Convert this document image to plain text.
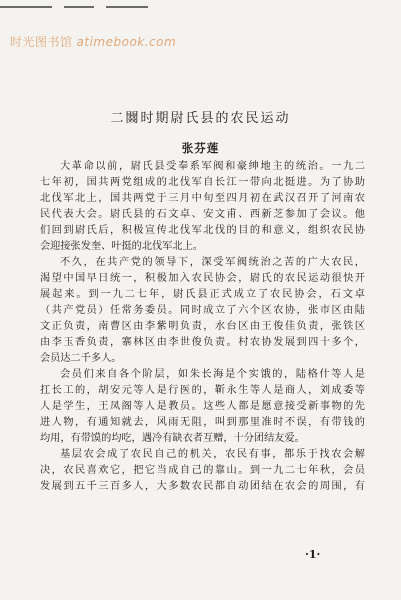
时光图书馆 atimebook.com
二䦤时期尉氏县的农民运动
张芬莲
大革命以前，尉氏县受奉系军阀和豪绅地主的统治。一九二
七年初，国共两党组成的北伐军自长江一带向北挺进。为了协助
北伐军北上，国共两党于三月中旬至四月初在武汉召开了河南农
民代表大会。尉氏县的石文卓、安文甫、西新芝参加了会议。他
们回到尉氏后，积极宣传北伐军北伐的目的和意义，组织农民协
会迎接张发奎、叶挺的北伐军北上。
不久，在共产党的领导下，深受军阀统治之苦的广大农民，
渴望中国早日统一，积极加入农民协会，尉氏的农民运动很快开
展起来。到一九二七年，尉氏县正式成立了农民协会，石文卓
（共产党员）任常务委员。同时成立了六个区农协，张市区由陆
文正负责，南曹区由李紫明负责，水台区由王俊佳负责，张铁区
由李玉香负责，寨林区由李世俊负责。村农协发展到四十多个，
会员达二千多人。
会员们来自各个阶层，如朱长海是个实饿的，陆格什等人是
扛长工的，胡安元等人是行医的，靳永生等人是商人，刘成委等
人是学生，王凤阁等人是教员。这些人都是愿意接受新事物的先
进人物，有通知就去，风雨无阻，叫到那里准时不误，有带钱的
均用，有带馍的均吃，遇冷有缺衣者互赠，十分团结友爱。
基层农会成了农民自己的机关，农民有事，都乐于找农会解
决，农民喜欢它，把它当成自己的靠山。到一九二七年秋，会员
发展到五千三百多人，大多数农民都自动团结在农会的周围，有
·1·
